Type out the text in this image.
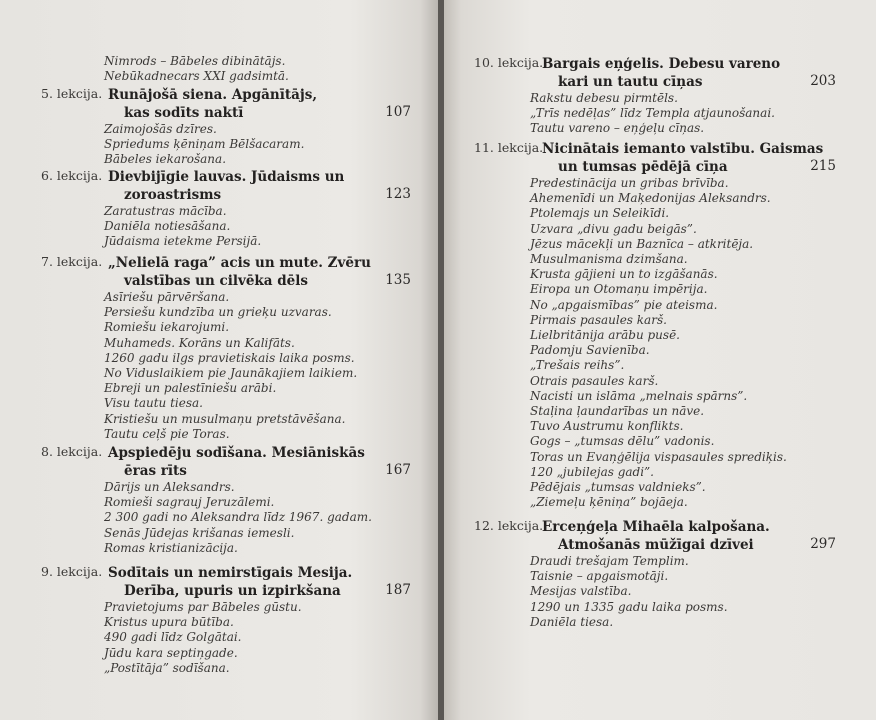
Nimrods – Bābeles dibinātājs.
Nebūkadnecars XXI gadsimtā.
5. lekcija. Runājošā siena. Apgānītājs,
kas sodīts naktī	107
Zaimojošās dzīres.
Spriedums ķēniņam Bēlšacaram.
Bābeles iekarošana.
6. lekcija. Dievbijīgie lauvas. Jūdaisms un
zoroastrisms	123
Zaratustras mācība.
Daniēla notiesāšana.
Jūdaisma ietekme Persijā.
7. lekcija. „Nelielā raga” acis un mute. Zvēru
valstības un cilvēka dēls	135
Asīriešu pārvēršana.
Persiešu kundzība un grieķu uzvaras.
Romiešu iekarojumi.
Muhameds. Korāns un Kalifāts.
1260 gadu ilgs pravietiskais laika posms.
No Viduslaikiem pie Jaunākajiem laikiem.
Ebreji un palestīniešu arābi.
Visu tautu tiesa.
Kristiešu un musulmaņu pretstāvēšana.
Tautu ceļš pie Toras.
8. lekcija. Apspiedēju sodīšana. Mesiāniskās
ēras rīts	167
Dārijs un Aleksandrs.
Romieši sagrauj Jeruzālemi.
2 300 gadi no Aleksandra līdz 1967. gadam.
Senās Jūdejas krišanas iemesli.
Romas kristianizācija.
9. lekcija. Sodītais un nemirstīgais Mesija.
Derība, upuris un izpirkšana	187
Pravietojums par Bābeles gūstu.
Kristus upura būtība.
490 gadi līdz Golgātai.
Jūdu kara septiņgade.
„Postītāja” sodīšana.
10. lekcija.
Bargais eņģelis. Debesu vareno
kari un tautu cīņas	203
Rakstu debesu pirmtēls.
„Trīs nedēļas” līdz Templa atjaunošanai.
Tautu vareno – eņģeļu cīņas.
11. lekcija.
Nicinātais iemanto valstību. Gaismas
un tumsas pēdējā cīņa	215
Predestinācija un gribas brīvība.
Ahemenīdi un Maķedonijas Aleksandrs.
Ptolemajs un Seleikīdi.
Uzvara „divu gadu beigās”.
Jēzus mācekļi un Baznīca – atkritēja.
Musulmanisma dzimšana.
Krusta gājieni un to izgāšanās.
Eiropa un Otomaņu impērija.
No „apgaismības” pie ateisma.
Pirmais pasaules karš.
Lielbritānija arābu pusē.
Padomju Savienība.
„Trešais reihs”.
Otrais pasaules karš.
Nacisti un islāma „melnais spārns”.
Staļina ļaundarības un nāve.
Tuvo Austrumu konflikts.
Gogs – „tumsas dēlu” vadonis.
Toras un Evaņģēlija vispasaules sprediķis.
120 „jubilejas gadi”.
Pēdējais „tumsas valdnieks”.
„Ziemeļu ķēniņa” bojāeja.
12. lekcija.
Erceņģeļa Mihaēla kalpošana.
Atmošanās mūžīgai dzīvei	297
Draudi trešajam Templim.
Taisnie – apgaismotāji.
Mesijas valstība.
1290 un 1335 gadu laika posms.
Daniēla tiesa.
